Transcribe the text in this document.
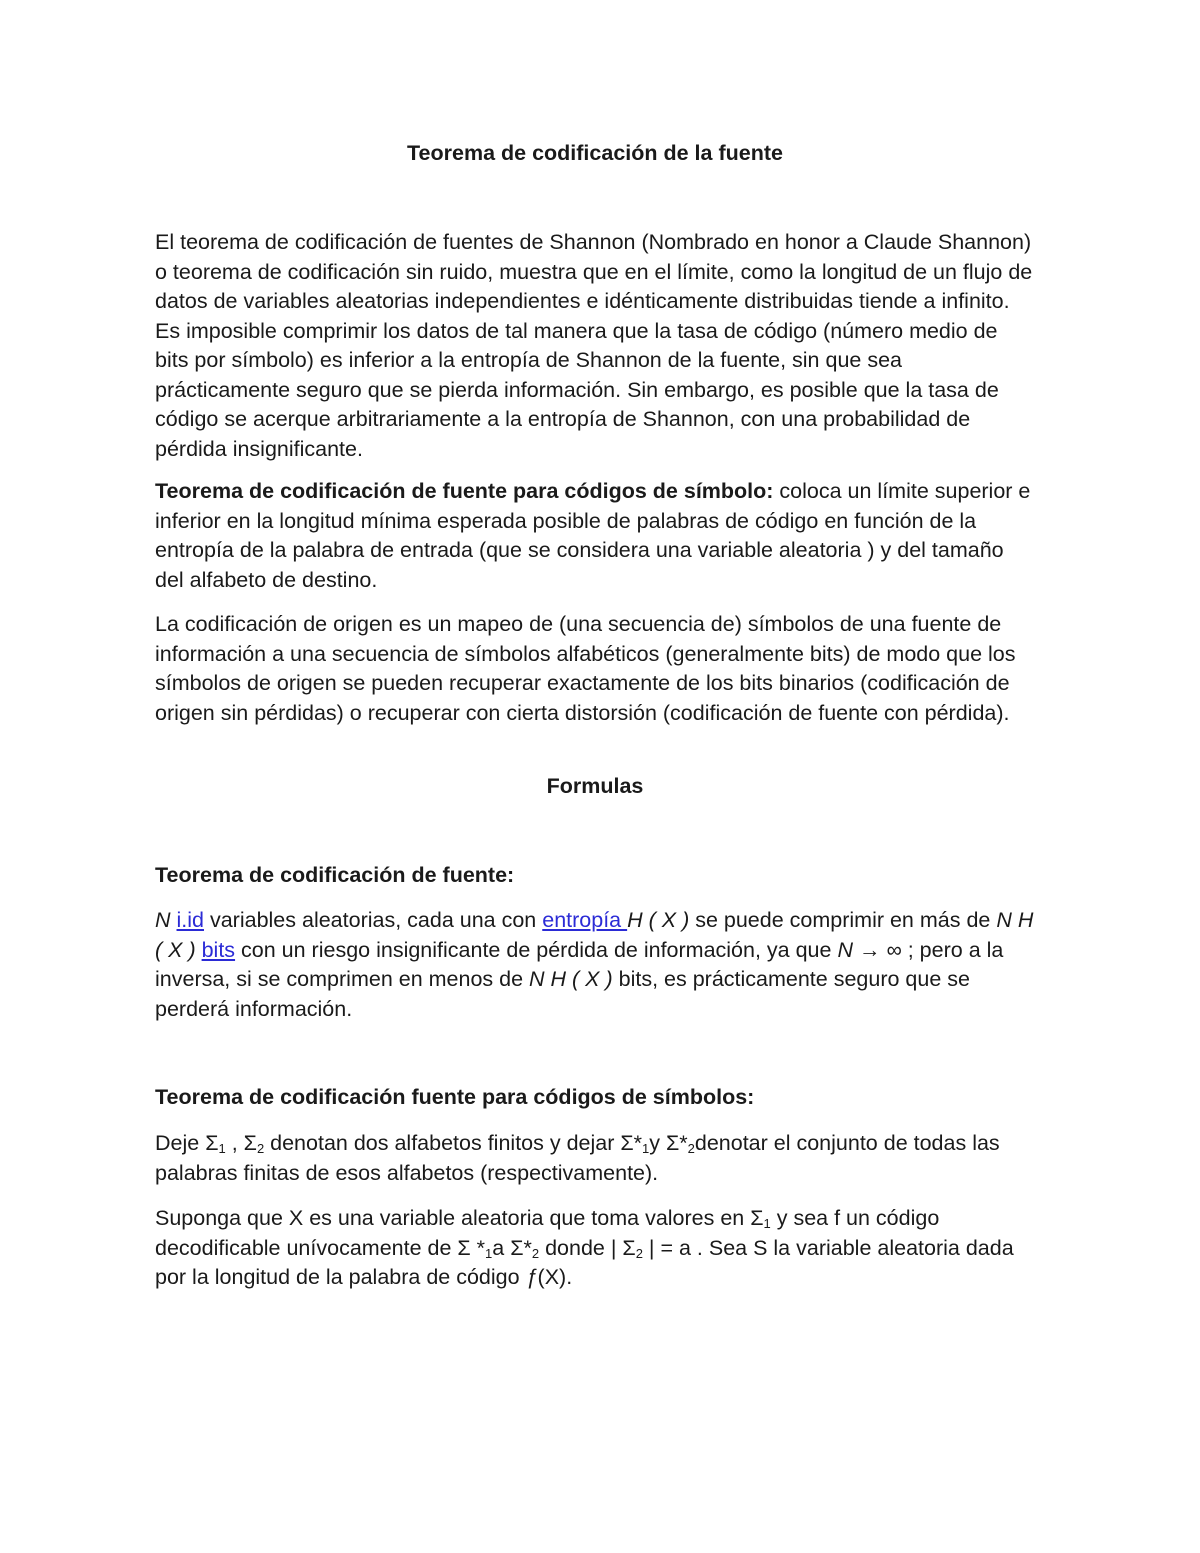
Teorema de codificación de la fuente

El teorema de codificación de fuentes de Shannon (Nombrado en honor a Claude Shannon) o teorema de codificación sin ruido, muestra que en el límite, como la longitud de un flujo de datos de variables aleatorias independientes e idénticamente distribuidas tiende a infinito. Es imposible comprimir los datos de tal manera que la tasa de código (número medio de bits por símbolo) es inferior a la entropía de Shannon de la fuente, sin que sea prácticamente seguro que se pierda información. Sin embargo, es posible que la tasa de código se acerque arbitrariamente a la entropía de Shannon, con una probabilidad de pérdida insignificante.

Teorema de codificación de fuente para códigos de símbolo: coloca un límite superior e inferior en la longitud mínima esperada posible de palabras de código en función de la entropía de la palabra de entrada (que se considera una variable aleatoria ) y del tamaño del alfabeto de destino.

La codificación de origen es un mapeo de (una secuencia de) símbolos de una fuente de información a una secuencia de símbolos alfabéticos (generalmente bits) de modo que los símbolos de origen se pueden recuperar exactamente de los bits binarios (codificación de origen sin pérdidas) o recuperar con cierta distorsión (codificación de fuente con pérdida).

Formulas
Teorema de codificación de fuente:

N i.id variables aleatorias, cada una con entropía H ( X ) se puede comprimir en más de N H ( X ) bits con un riesgo insignificante de pérdida de información, ya que N → ∞ ; pero a la inversa, si se comprimen en menos de N H ( X ) bits, es prácticamente seguro que se perderá información.

Teorema de codificación fuente para códigos de símbolos:

Deje $\Sigma_1$ , $\Sigma_2$ denotan dos alfabetos finitos y dejar $\Sigma*_1y$ $\Sigma*_2denotar$ el conjunto de todas las palabras finitas de esos alfabetos (respectivamente).

Suponga que X es una variable aleatoria que toma valores en $\Sigma_1$ y sea f un código decodificable unívocamente de Σ $*_1a$ $\Sigma*_2$ donde | $\Sigma_2$ | = a . Sea S la variable aleatoria dada por la longitud de la palabra de código ƒ(X).
